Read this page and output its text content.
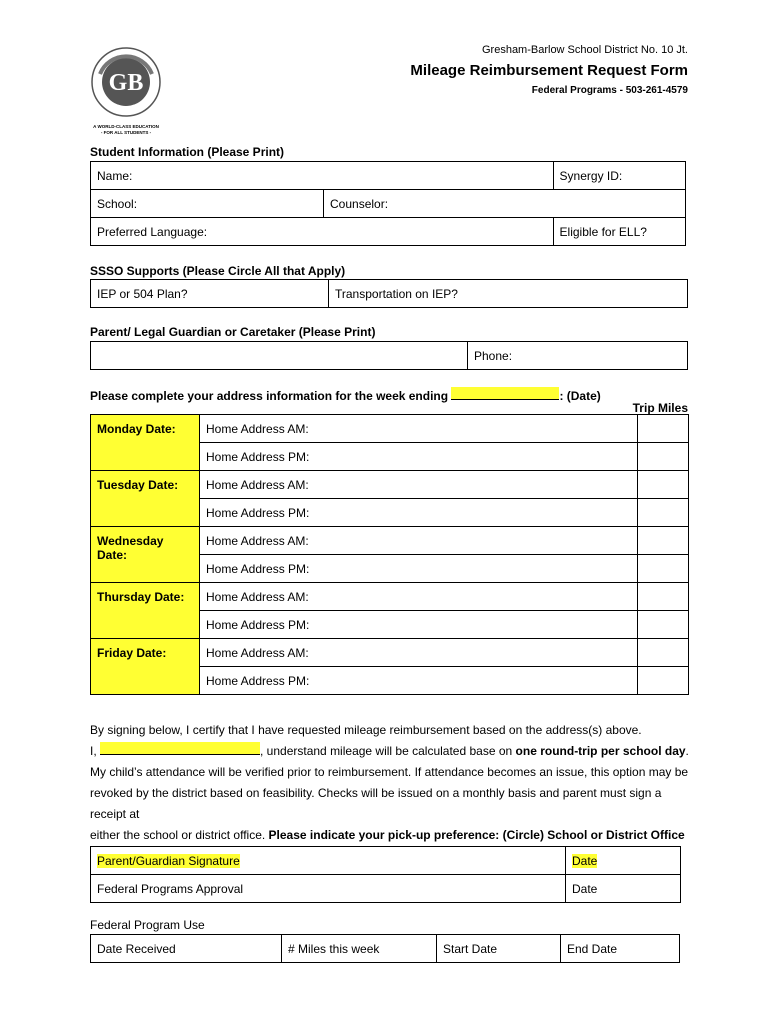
GB
A WORLD-CLASS EDUCATION
- FOR ALL STUDENTS -
Gresham-Barlow School District No. 10 Jt.
Mileage Reimbursement Request Form
Federal Programs - 503-261-4579
Student Information (Please Print)
Name:		Synergy ID:
School:	Counselor:	
Preferred Language:		Eligible for ELL?
SSSO Supports (Please Circle All that Apply)
IEP or 504 Plan?	Transportation on IEP?
Parent/ Legal Guardian or Caretaker (Please Print)
	Phone:
Please complete your address information for the week ending	: (Date)
Trip Miles
Monday Date:	Home Address AM:	
	Home Address PM:	
Tuesday Date:	Home Address AM:	
	Home Address PM:	
Wednesday Date:	Home Address AM:	
	Home Address PM:	
Thursday Date:	Home Address AM:	
	Home Address PM:	
Friday Date:	Home Address AM:	
	Home Address PM:	
By signing below, I certify that I have requested mileage reimbursement based on the address(s) above.
I,	, understand mileage will be calculated base on one round-trip per school day.
My child’s attendance will be verified prior to reimbursement. If attendance becomes an issue, this option may be
revoked by the district based on feasibility. Checks will be issued on a monthly basis and parent must sign a receipt at
either the school or district office. Please indicate your pick-up preference: (Circle) School or District Office
Parent/Guardian Signature	Date
Federal Programs Approval	Date
Federal Program Use
Date Received	# Miles this week	Start Date	End Date
